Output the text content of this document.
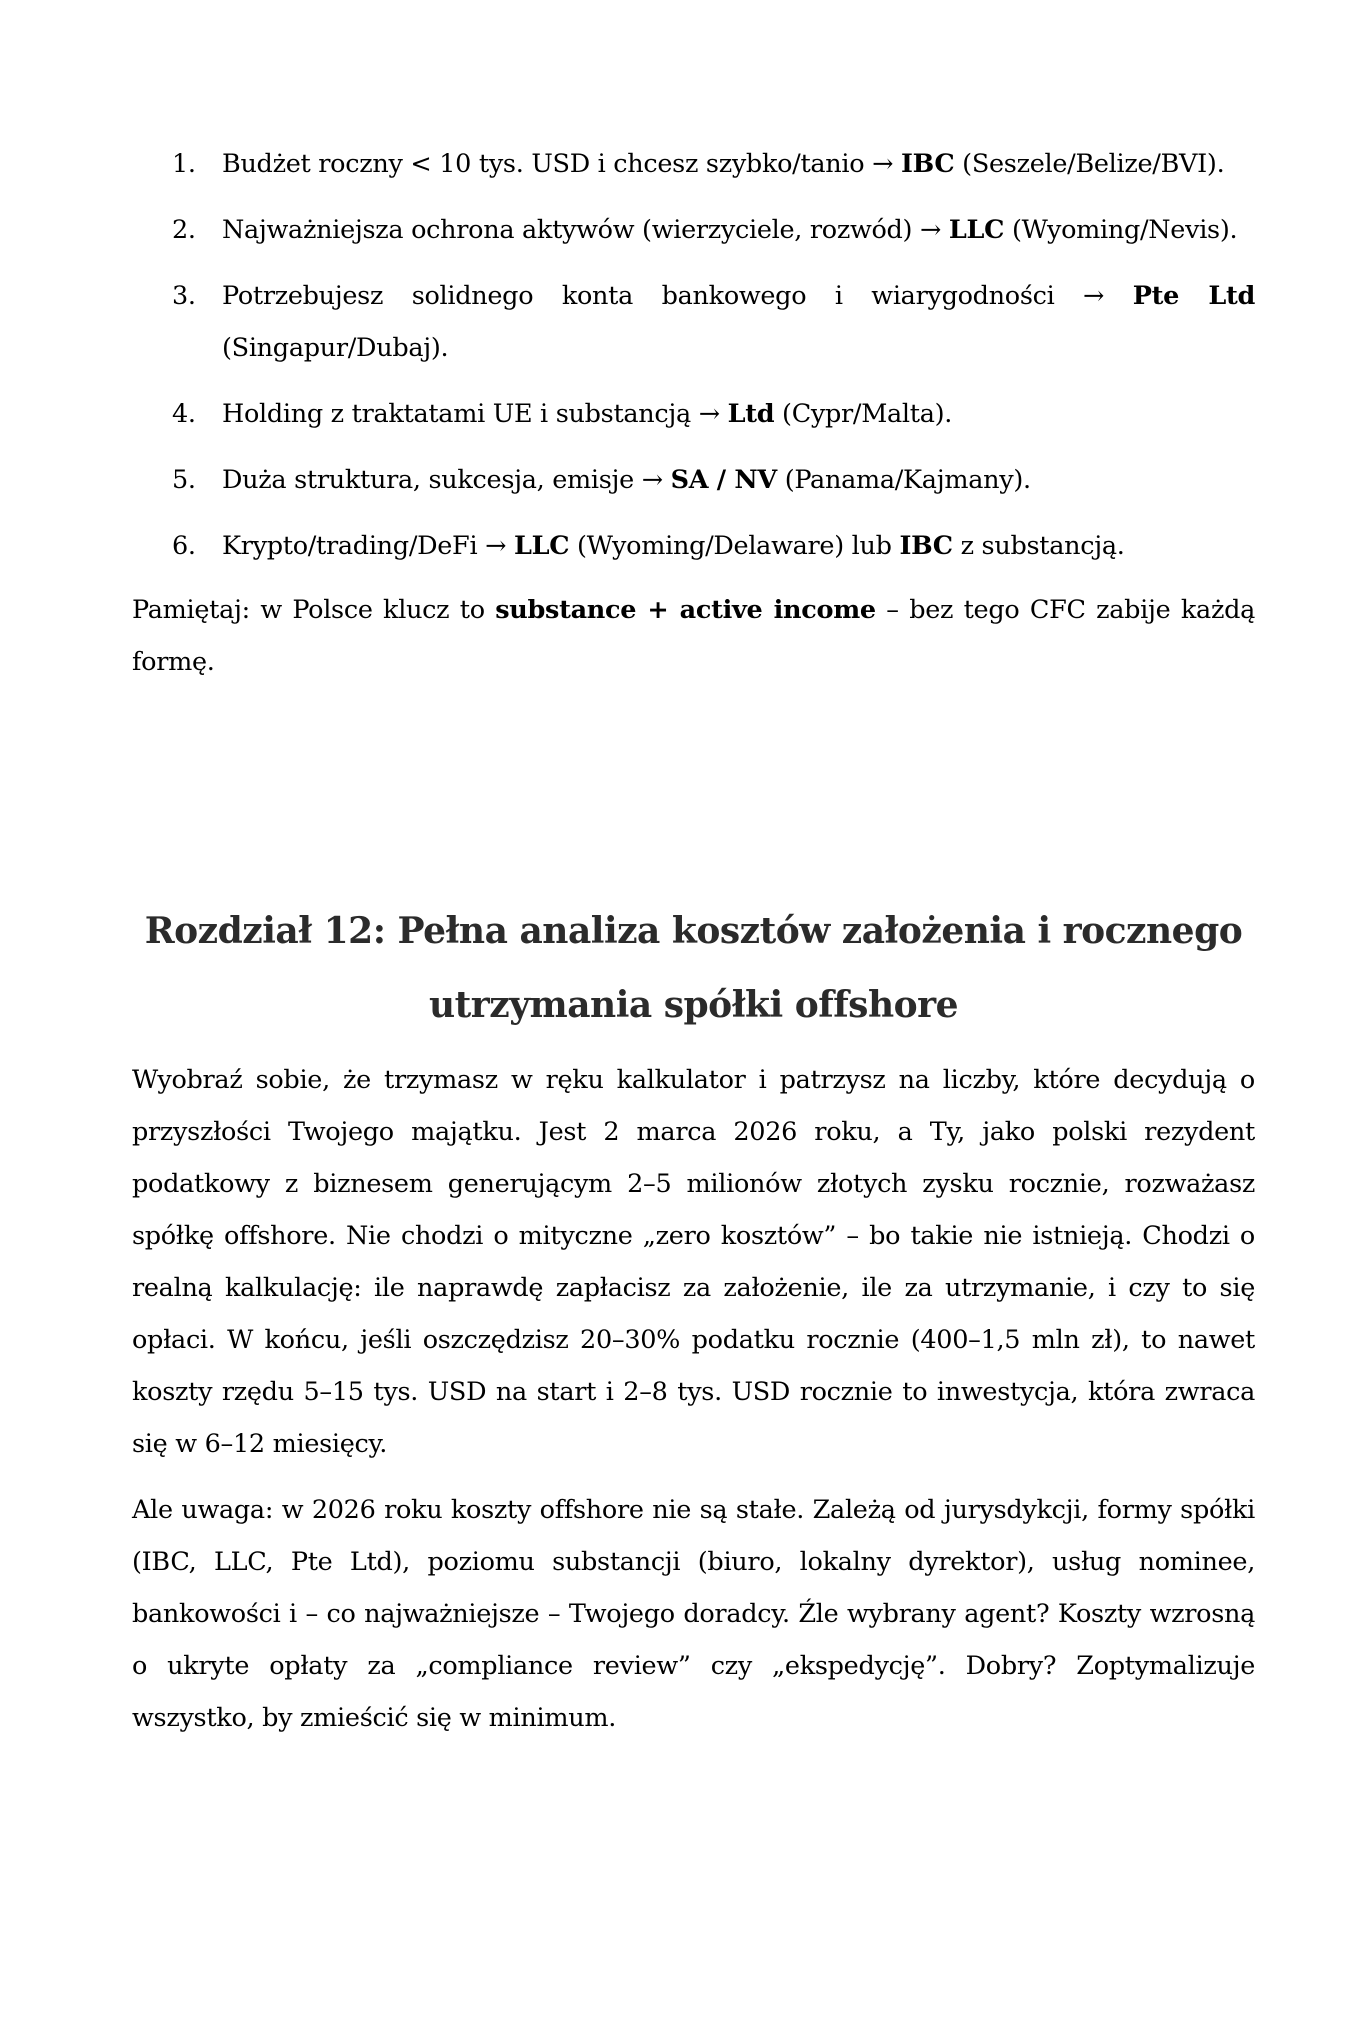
1. Budżet roczny < 10 tys. USD i chcesz szybko/tanio → IBC (Seszele/Belize/BVI).
2. Najważniejsza ochrona aktywów (wierzyciele, rozwód) → LLC (Wyoming/Nevis).
3. Potrzebujesz solidnego konta bankowego i wiarygodności → Pte Ltd (Singapur/Dubaj).
4. Holding z traktatami UE i substancją → Ltd (Cypr/Malta).
5. Duża struktura, sukcesja, emisje → SA / NV (Panama/Kajmany).
6. Krypto/trading/DeFi → LLC (Wyoming/Delaware) lub IBC z substancją.

Pamiętaj: w Polsce klucz to substance + active income – bez tego CFC zabije każdą formę.

Rozdział 12: Pełna analiza kosztów założenia i rocznego
utrzymania spółki offshore

Wyobraź sobie, że trzymasz w ręku kalkulator i patrzysz na liczby, które decydują o przyszłości Twojego majątku. Jest 2 marca 2026 roku, a Ty, jako polski rezydent podatkowy z biznesem generującym 2–5 milionów złotych zysku rocznie, rozważasz spółkę offshore. Nie chodzi o mityczne „zero kosztów” – bo takie nie istnieją. Chodzi o realną kalkulację: ile naprawdę zapłacisz za założenie, ile za utrzymanie, i czy to się opłaci. W końcu, jeśli oszczędzisz 20–30% podatku rocznie (400–1,5 mln zł), to nawet koszty rzędu 5–15 tys. USD na start i 2–8 tys. USD rocznie to inwestycja, która zwraca się w 6–12 miesięcy.

Ale uwaga: w 2026 roku koszty offshore nie są stałe. Zależą od jurysdykcji, formy spółki (IBC, LLC, Pte Ltd), poziomu substancji (biuro, lokalny dyrektor), usług nominee, bankowości i – co najważniejsze – Twojego doradcy. Źle wybrany agent? Koszty wzrosną o ukryte opłaty za „compliance review” czy „ekspedycję”. Dobry? Zoptymalizuje wszystko, by zmieścić się w minimum.
